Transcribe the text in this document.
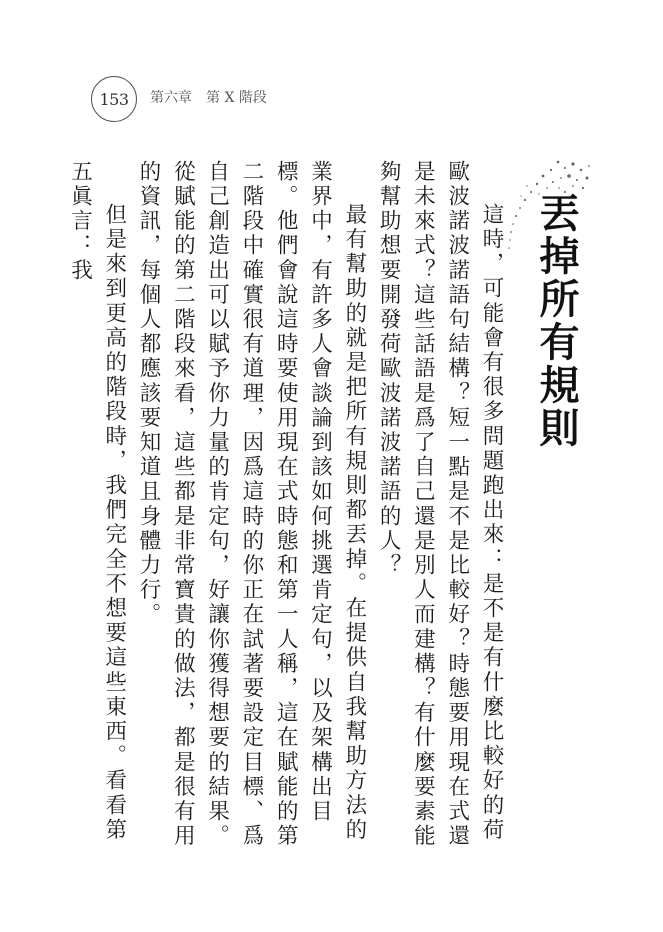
153 第六章　第 X 階段
丟掉所有規則

這時，可能會有很多問題跑出來：是不是有什麼比較好的荷歐波諾波諾語句結構？短一點是不是比較好？時態要用現在式還是未來式？這些話語是爲了自己還是別人而建構？有什麼要素能夠幫助想要開發荷歐波諾波諾語的人？

最有幫助的就是把所有規則都丟掉。在提供自我幫助方法的業界中，有許多人會談論到該如何挑選肯定句，以及架構出目標。他們會說這時要使用現在式時態和第一人稱，這在賦能的第二階段中確實很有道理，因爲這時的你正在試著要設定目標、爲自己創造出可以賦予你力量的肯定句，好讓你獲得想要的結果。從賦能的第二階段來看，這些都是非常寶貴的做法，都是很有用的資訊，每個人都應該要知道且身體力行。

但是來到更高的階段時，我們完全不想要這些東西。看看第五眞言：我
